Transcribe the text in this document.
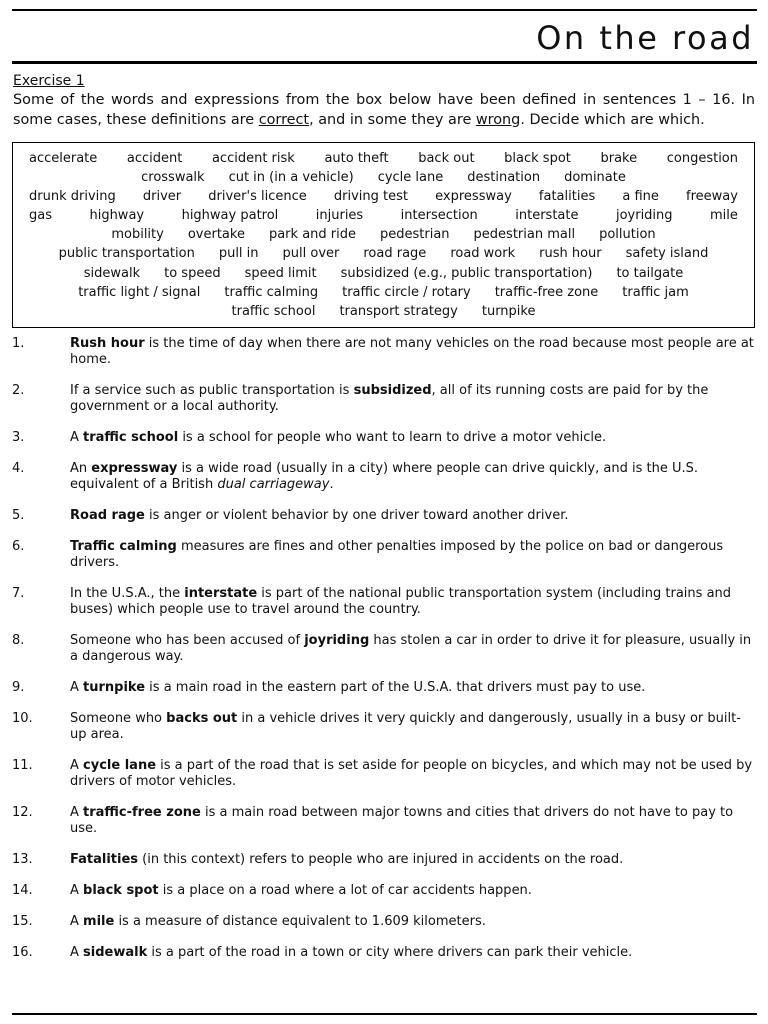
On the road
Exercise 1

Some of the words and expressions from the box below have been defined in sentences 1 – 16. In some cases, these definitions are correct, and in some they are wrong. Decide which are which.

accelerate	accident	accident risk	auto theft	back out	black spot	brake	congestion
crosswalk	cut in (in a vehicle)	cycle lane	destination	dominate
drunk driving	driver	driver's licence	driving test	expressway	fatalities	a fine	freeway
gas	highway	highway patrol	injuries	intersection	interstate	joyriding	mile
mobility	overtake	park and ride	pedestrian	pedestrian mall	pollution
public transportation	pull in	pull over	road rage	road work	rush hour	safety island
sidewalk	to speed	speed limit	subsidized (e.g., public transportation)	to tailgate
traffic light / signal	traffic calming	traffic circle / rotary	traffic-free zone	traffic jam
traffic school	transport strategy	turnpike
1.	Rush hour is the time of day when there are not many vehicles on the road because most people are at home.
2.	If a service such as public transportation is subsidized, all of its running costs are paid for by the government or a local authority.
3.	A traffic school is a school for people who want to learn to drive a motor vehicle.
4.	An expressway is a wide road (usually in a city) where people can drive quickly, and is the U.S. equivalent of a British dual carriageway.
5.	Road rage is anger or violent behavior by one driver toward another driver.
6.	Traffic calming measures are fines and other penalties imposed by the police on bad or dangerous drivers.
7.	In the U.S.A., the interstate is part of the national public transportation system (including trains and buses) which people use to travel around the country.
8.	Someone who has been accused of joyriding has stolen a car in order to drive it for pleasure, usually in a dangerous way.
9.	A turnpike is a main road in the eastern part of the U.S.A. that drivers must pay to use.
10.	Someone who backs out in a vehicle drives it very quickly and dangerously, usually in a busy or built-up area.
11.	A cycle lane is a part of the road that is set aside for people on bicycles, and which may not be used by drivers of motor vehicles.
12.	A traffic-free zone is a main road between major towns and cities that drivers do not have to pay to use.
13.	Fatalities (in this context) refers to people who are injured in accidents on the road.
14.	A black spot is a place on a road where a lot of car accidents happen.
15.	A mile is a measure of distance equivalent to 1.609 kilometers.
16.	A sidewalk is a part of the road in a town or city where drivers can park their vehicle.
